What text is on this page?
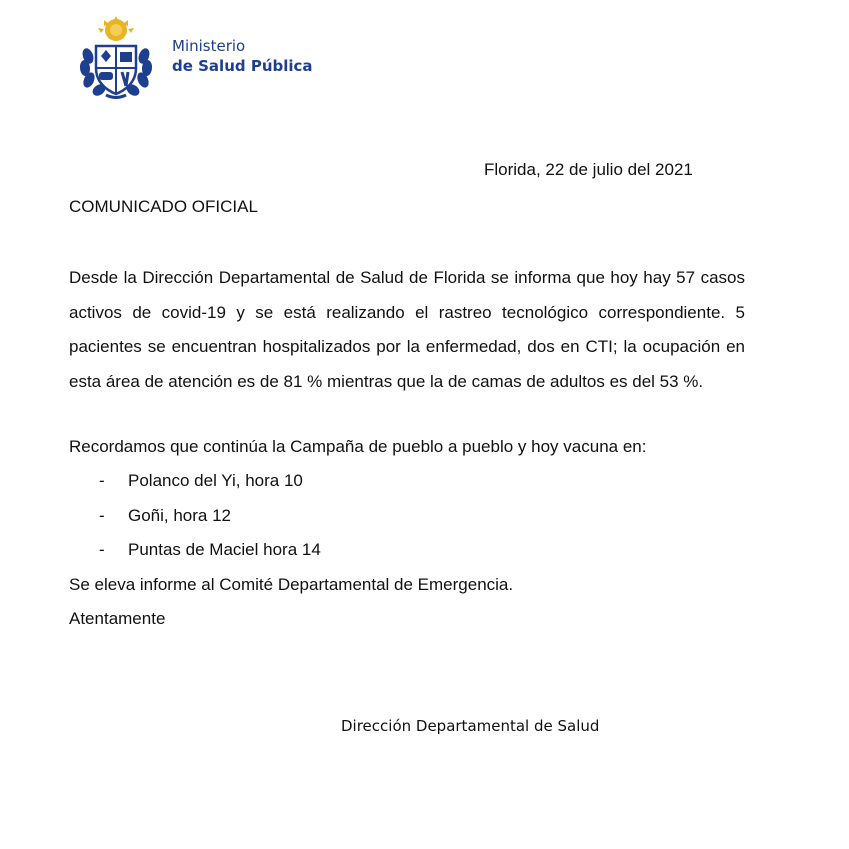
Ministerio
de Salud Pública
Florida, 22 de julio del 2021
COMUNICADO OFICIAL

Desde la Dirección Departamental de Salud de Florida se informa que hoy hay 57 casos activos de covid-19 y se está realizando el rastreo tecnológico correspondiente. 5 pacientes se encuentran hospitalizados por la enfermedad, dos en CTI; la ocupación en esta área de atención es de 81 % mientras que la de camas de adultos es del 53 %.

Recordamos que continúa la Campaña de pueblo a pueblo y hoy vacuna en:

-	Polanco del Yi, hora 10
-	Goñi, hora 12
-	Puntas de Maciel hora 14

Se eleva informe al Comité Departamental de Emergencia.

Atentamente

Dirección Departamental de Salud
